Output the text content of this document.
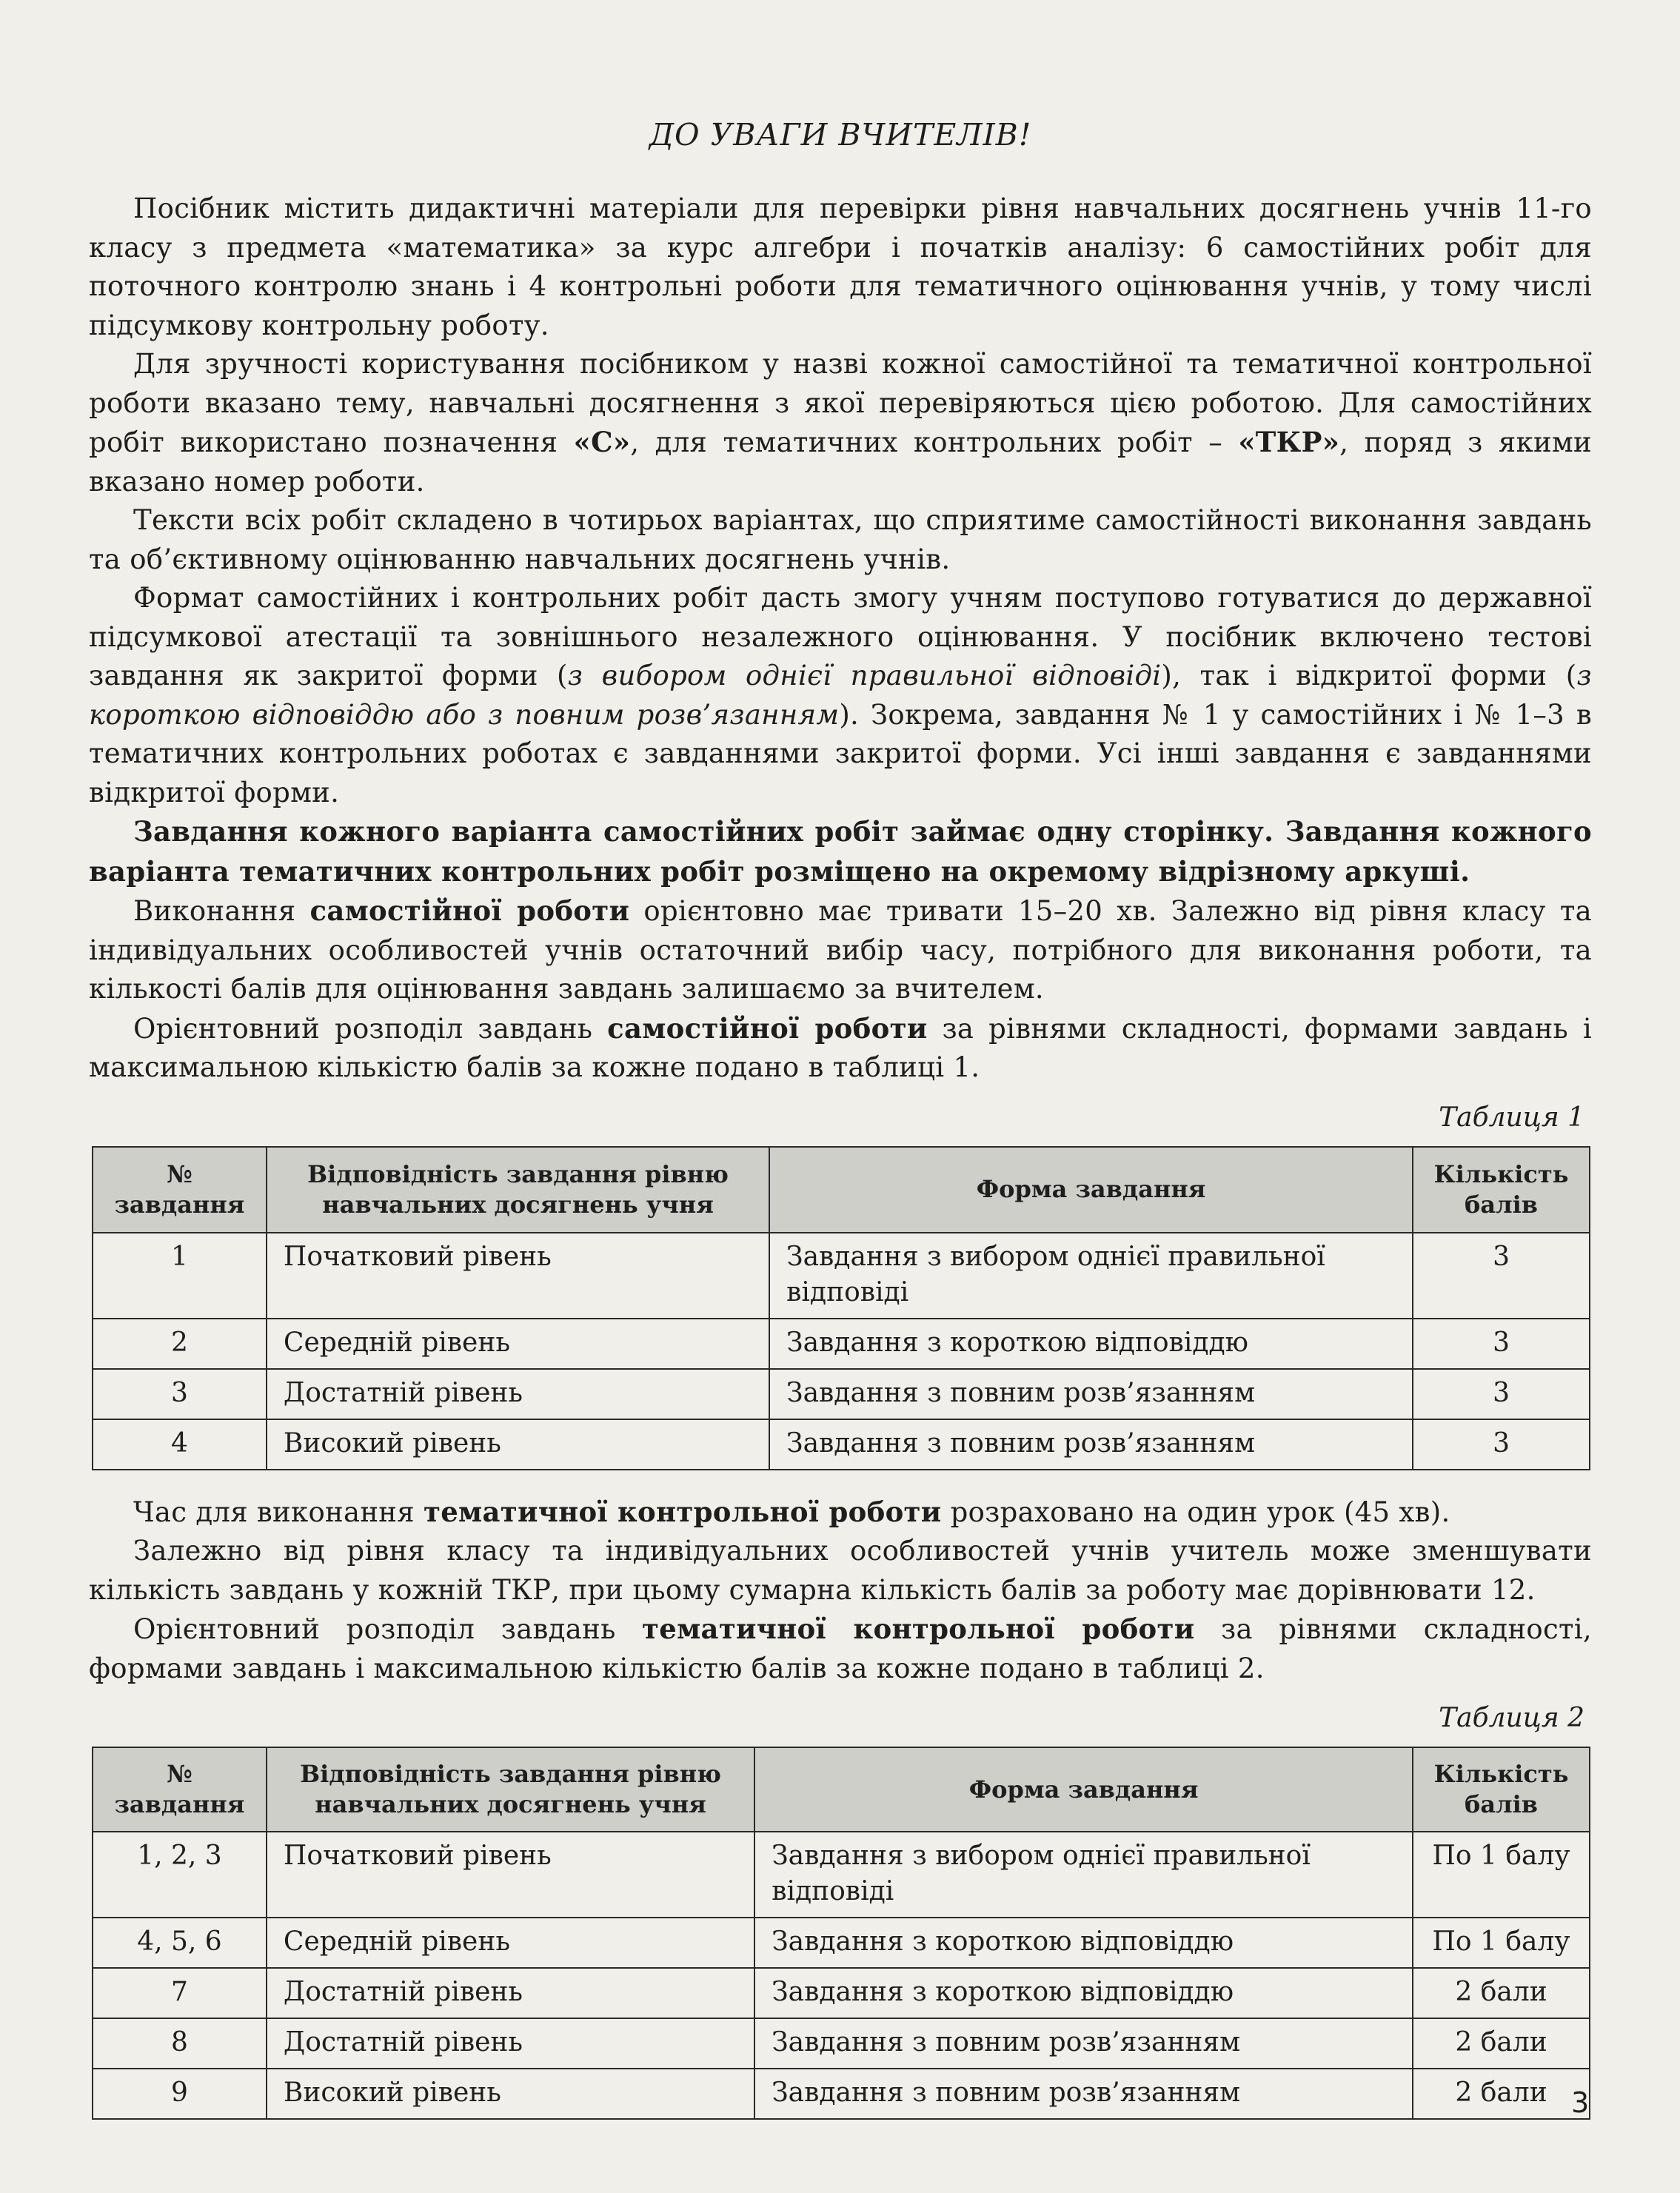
ДО УВАГИ ВЧИТЕЛІВ!

Посібник містить дидактичні матеріали для перевірки рівня навчальних досягнень учнів 11-го класу з предмета «математика» за курс алгебри і початків аналізу: 6 самостійних робіт для поточного контролю знань і 4 контрольні роботи для тематичного оцінювання учнів, у тому числі підсумкову контрольну роботу.

Для зручності користування посібником у назві кожної самостійної та тематичної контрольної роботи вказано тему, навчальні досягнення з якої перевіряються цією роботою. Для самостійних робіт використано позначення «С», для тематичних контрольних робіт – «ТКР», поряд з якими вказано номер роботи.

Тексти всіх робіт складено в чотирьох варіантах, що сприятиме самостійності виконання завдань та об’єктивному оцінюванню навчальних досягнень учнів.

Формат самостійних і контрольних робіт дасть змогу учням поступово готуватися до державної підсумкової атестації та зовнішнього незалежного оцінювання. У посібник включено тестові завдання як закритої форми (з вибором однієї правильної відповіді), так і відкритої форми (з короткою відповіддю або з повним розв’язанням). Зокрема, завдання № 1 у самостійних і № 1–3 в тематичних контрольних роботах є завданнями закритої форми. Усі інші завдання є завданнями відкритої форми.

Завдання кожного варіанта самостійних робіт займає одну сторінку. Завдання кожного варіанта тематичних контрольних робіт розміщено на окремому відрізному аркуші.

Виконання самостійної роботи орієнтовно має тривати 15–20 хв. Залежно від рівня класу та індивідуальних особливостей учнів остаточний вибір часу, потрібного для виконання роботи, та кількості балів для оцінювання завдань залишаємо за вчителем.

Орієнтовний розподіл завдань самостійної роботи за рівнями складності, формами завдань і максимальною кількістю балів за кожне подано в таблиці 1.

Таблиця 1
№ завдання	Відповідність завдання рівню навчальних досягнень учня	Форма завдання	Кількість балів
1	Початковий рівень	Завдання з вибором однієї правильної відповіді	3
2	Середній рівень	Завдання з короткою відповіддю	3
3	Достатній рівень	Завдання з повним розв’язанням	3
4	Високий рівень	Завдання з повним розв’язанням	3

Час для виконання тематичної контрольної роботи розраховано на один урок (45 хв).

Залежно від рівня класу та індивідуальних особливостей учнів учитель може зменшувати кількість завдань у кожній ТКР, при цьому сумарна кількість балів за роботу має дорівнювати 12.

Орієнтовний розподіл завдань тематичної контрольної роботи за рівнями складності, формами завдань і максимальною кількістю балів за кожне подано в таблиці 2.

Таблиця 2
№ завдання	Відповідність завдання рівню навчальних досягнень учня	Форма завдання	Кількість балів
1, 2, 3	Початковий рівень	Завдання з вибором однієї правильної відповіді	По 1 балу
4, 5, 6	Середній рівень	Завдання з короткою відповіддю	По 1 балу
7	Достатній рівень	Завдання з короткою відповіддю	2 бали
8	Достатній рівень	Завдання з повним розв’язанням	2 бали
9	Високий рівень	Завдання з повним розв’язанням	2 бали 3
